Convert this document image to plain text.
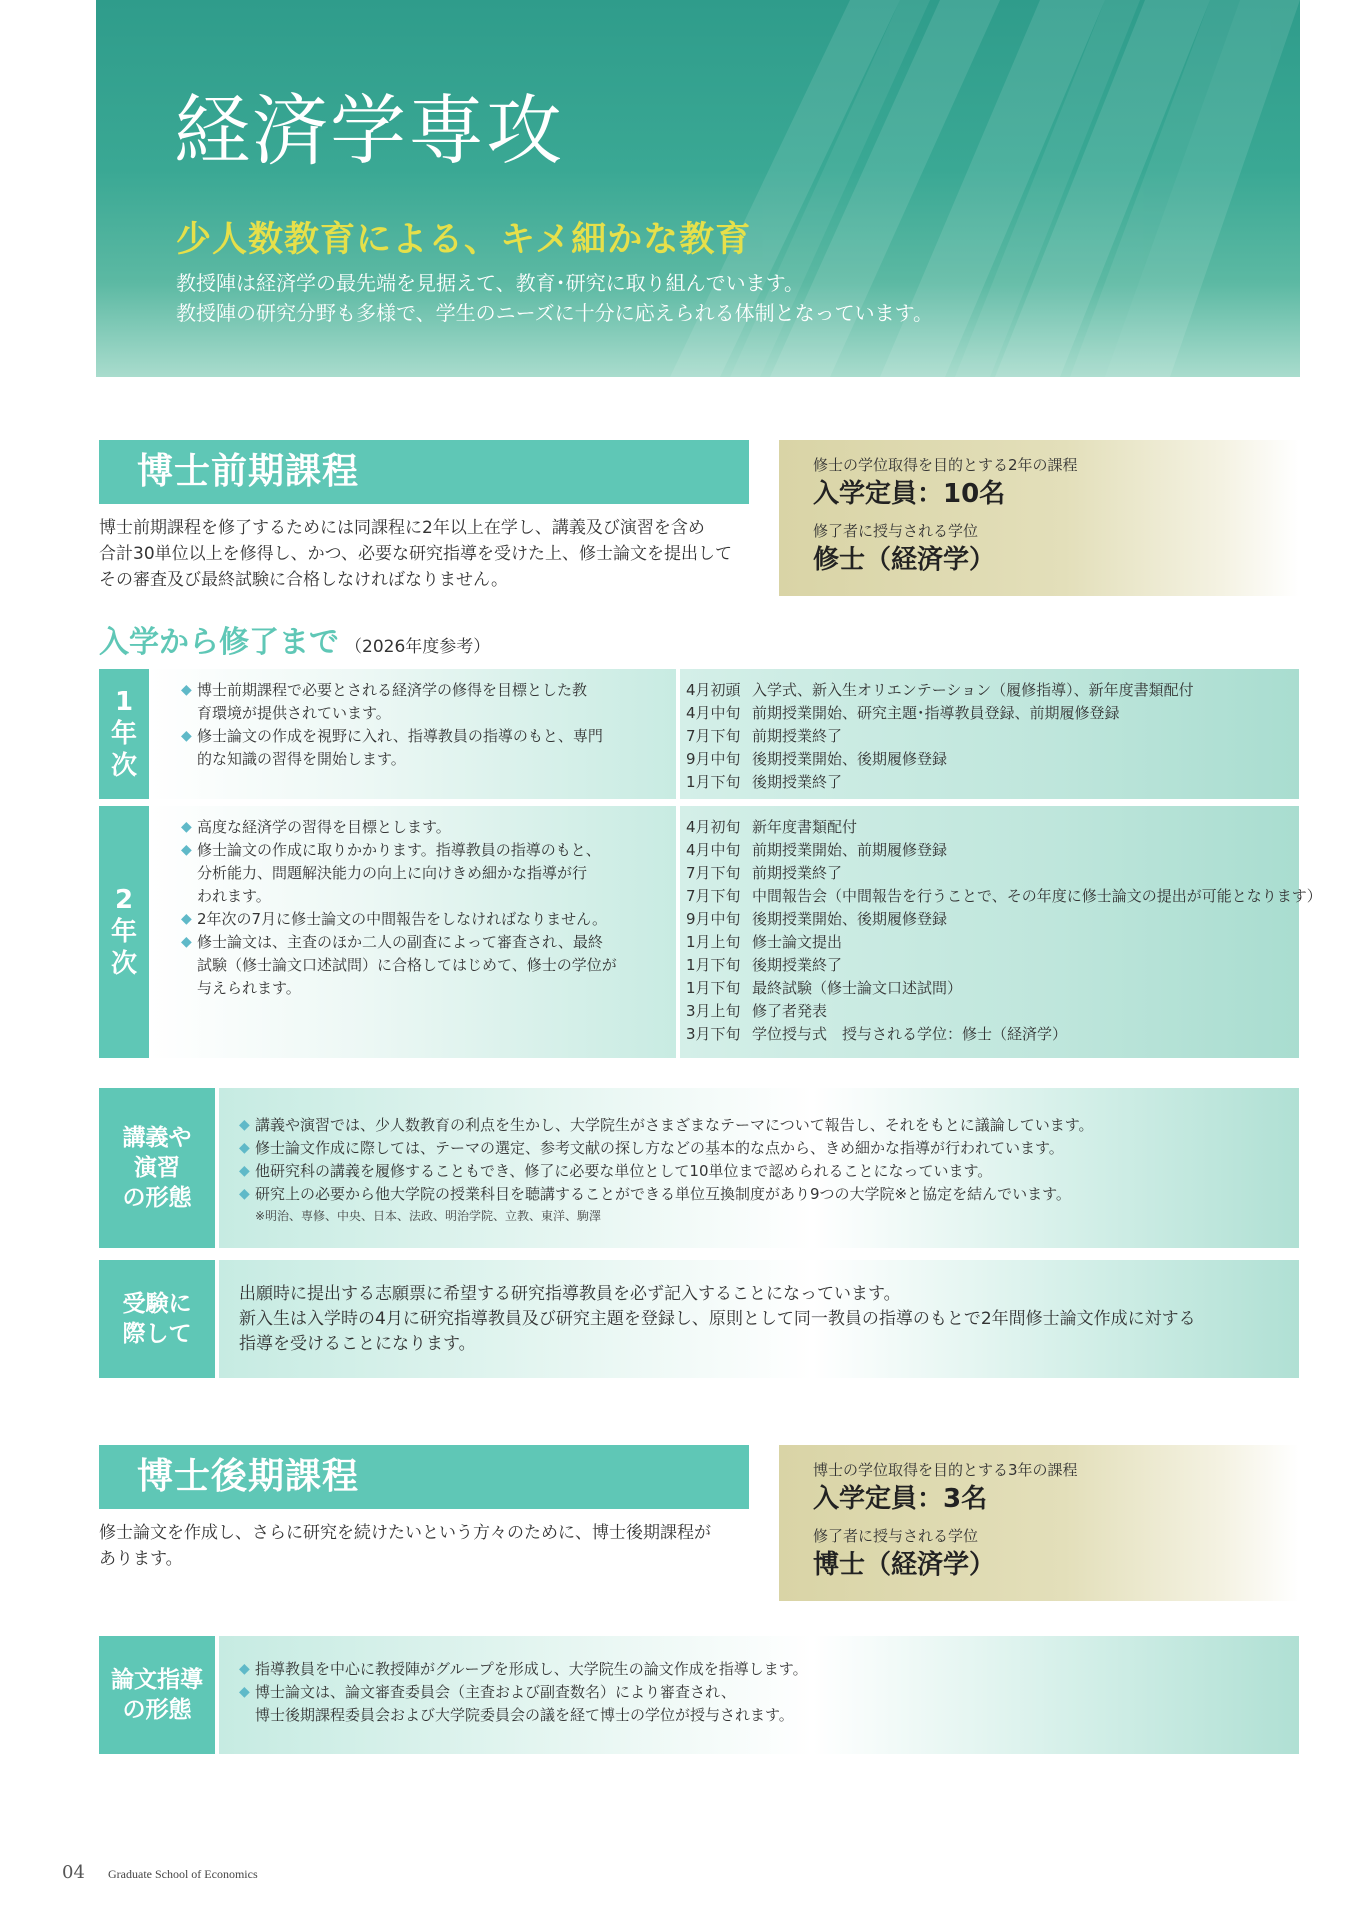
経済学専攻

少人数教育による、キメ細かな教育

教授陣は経済学の最先端を見据えて、教育･研究に取り組んでいます。
教授陣の研究分野も多様で、学生のニーズに十分に応えられる体制となっています。

博士前期課程

博士前期課程を修了するためには同課程に2年以上在学し、講義及び演習を含め
合計30単位以上を修得し、かつ、必要な研究指導を受けた上、修士論文を提出して
その審査及び最終試験に合格しなければなりません。

修士の学位取得を目的とする2年の課程
入学定員：10名
修了者に授与される学位
修士（経済学）
入学から修了まで （2026年度参考）
1
年
次
◆ 博士前期課程で必要とされる経済学の修得を目標とした教
育環境が提供されています。
◆ 修士論文の作成を視野に入れ、指導教員の指導のもと、専門
的な知識の習得を開始します。
4月初頭 入学式、新入生オリエンテーション（履修指導）、新年度書類配付
4月中旬 前期授業開始、研究主題･指導教員登録、前期履修登録
7月下旬 前期授業終了
9月中旬 後期授業開始、後期履修登録
1月下旬 後期授業終了
2
年
次
◆ 高度な経済学の習得を目標とします。
◆ 修士論文の作成に取りかかります。指導教員の指導のもと、
分析能力、問題解決能力の向上に向けきめ細かな指導が行
われます。
◆ 2年次の7月に修士論文の中間報告をしなければなりません。
◆ 修士論文は、主査のほか二人の副査によって審査され、最終
試験（修士論文口述試問）に合格してはじめて、修士の学位が
与えられます。
4月初旬 新年度書類配付
4月中旬 前期授業開始、前期履修登録
7月下旬 前期授業終了
7月下旬 中間報告会（中間報告を行うことで、その年度に修士論文の提出が可能となります）
9月中旬 後期授業開始、後期履修登録
1月上旬 修士論文提出
1月下旬 後期授業終了
1月下旬 最終試験（修士論文口述試問）
3月上旬 修了者発表
3月下旬 学位授与式　授与される学位：修士（経済学）
講義や
演習
の形態
◆ 講義や演習では、少人数教育の利点を生かし、大学院生がさまざまなテーマについて報告し、それをもとに議論しています。
◆ 修士論文作成に際しては、テーマの選定、参考文献の探し方などの基本的な点から、きめ細かな指導が行われています。
◆ 他研究科の講義を履修することもでき、修了に必要な単位として10単位まで認められることになっています。
◆ 研究上の必要から他大学院の授業科目を聴講することができる単位互換制度があり9つの大学院※と協定を結んでいます。
※明治、専修、中央、日本、法政、明治学院、立教、東洋、駒澤
受験に
際して
出願時に提出する志願票に希望する研究指導教員を必ず記入することになっています。
新入生は入学時の4月に研究指導教員及び研究主題を登録し、原則として同一教員の指導のもとで2年間修士論文作成に対する
指導を受けることになります。
博士後期課程

修士論文を作成し、さらに研究を続けたいという方々のために、博士後期課程が
あります。

博士の学位取得を目的とする3年の課程
入学定員：3名
修了者に授与される学位
博士（経済学）
論文指導
の形態
◆ 指導教員を中心に教授陣がグループを形成し、大学院生の論文作成を指導します。
◆ 博士論文は、論文審査委員会（主査および副査数名）により審査され、
博士後期課程委員会および大学院委員会の議を経て博士の学位が授与されます。
04 Graduate School of Economics
